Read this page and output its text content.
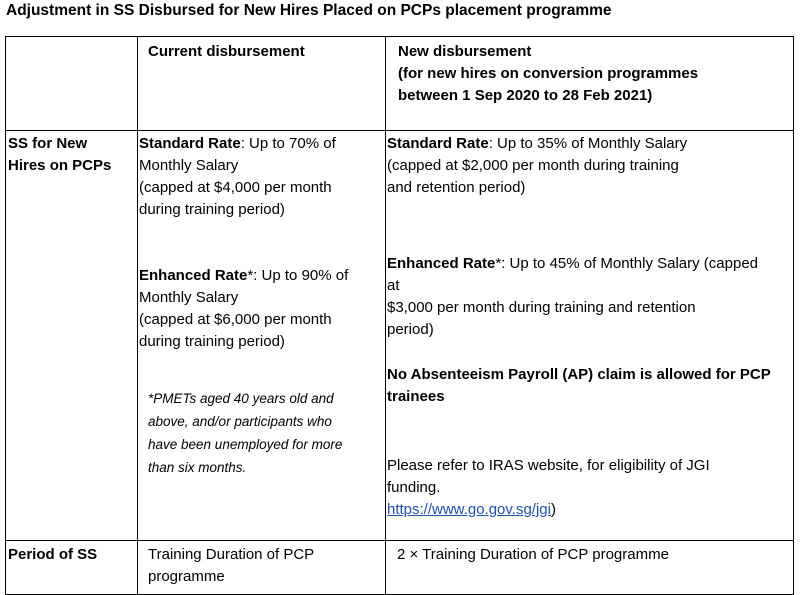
Adjustment in SS Disbursed for New Hires Placed on PCPs placement programme
Current disbursement	New disbursement
(for new hires on conversion programmes
between 1 Sep 2020 to 28 Feb 2021)
SS for New
Hires on PCPs
Standard Rate: Up to 70% of
Monthly Salary
(capped at $4,000 per month
during training period)
Enhanced Rate*: Up to 90% of
Monthly Salary
(capped at $6,000 per month
during training period)
*PMETs aged 40 years old and
above, and/or participants who
have been unemployed for more
than six months.
Standard Rate: Up to 35% of Monthly Salary
(capped at $2,000 per month during training
and retention period)
Enhanced Rate*: Up to 45% of Monthly Salary (capped
at
$3,000 per month during training and retention
period)
No Absenteeism Payroll (AP) claim is allowed for PCP
trainees
Please refer to IRAS website, for eligibility of JGI
funding.
https://www.go.gov.sg/jgi)
Period of SS	Training Duration of PCP
programme
2 × Training Duration of PCP programme
